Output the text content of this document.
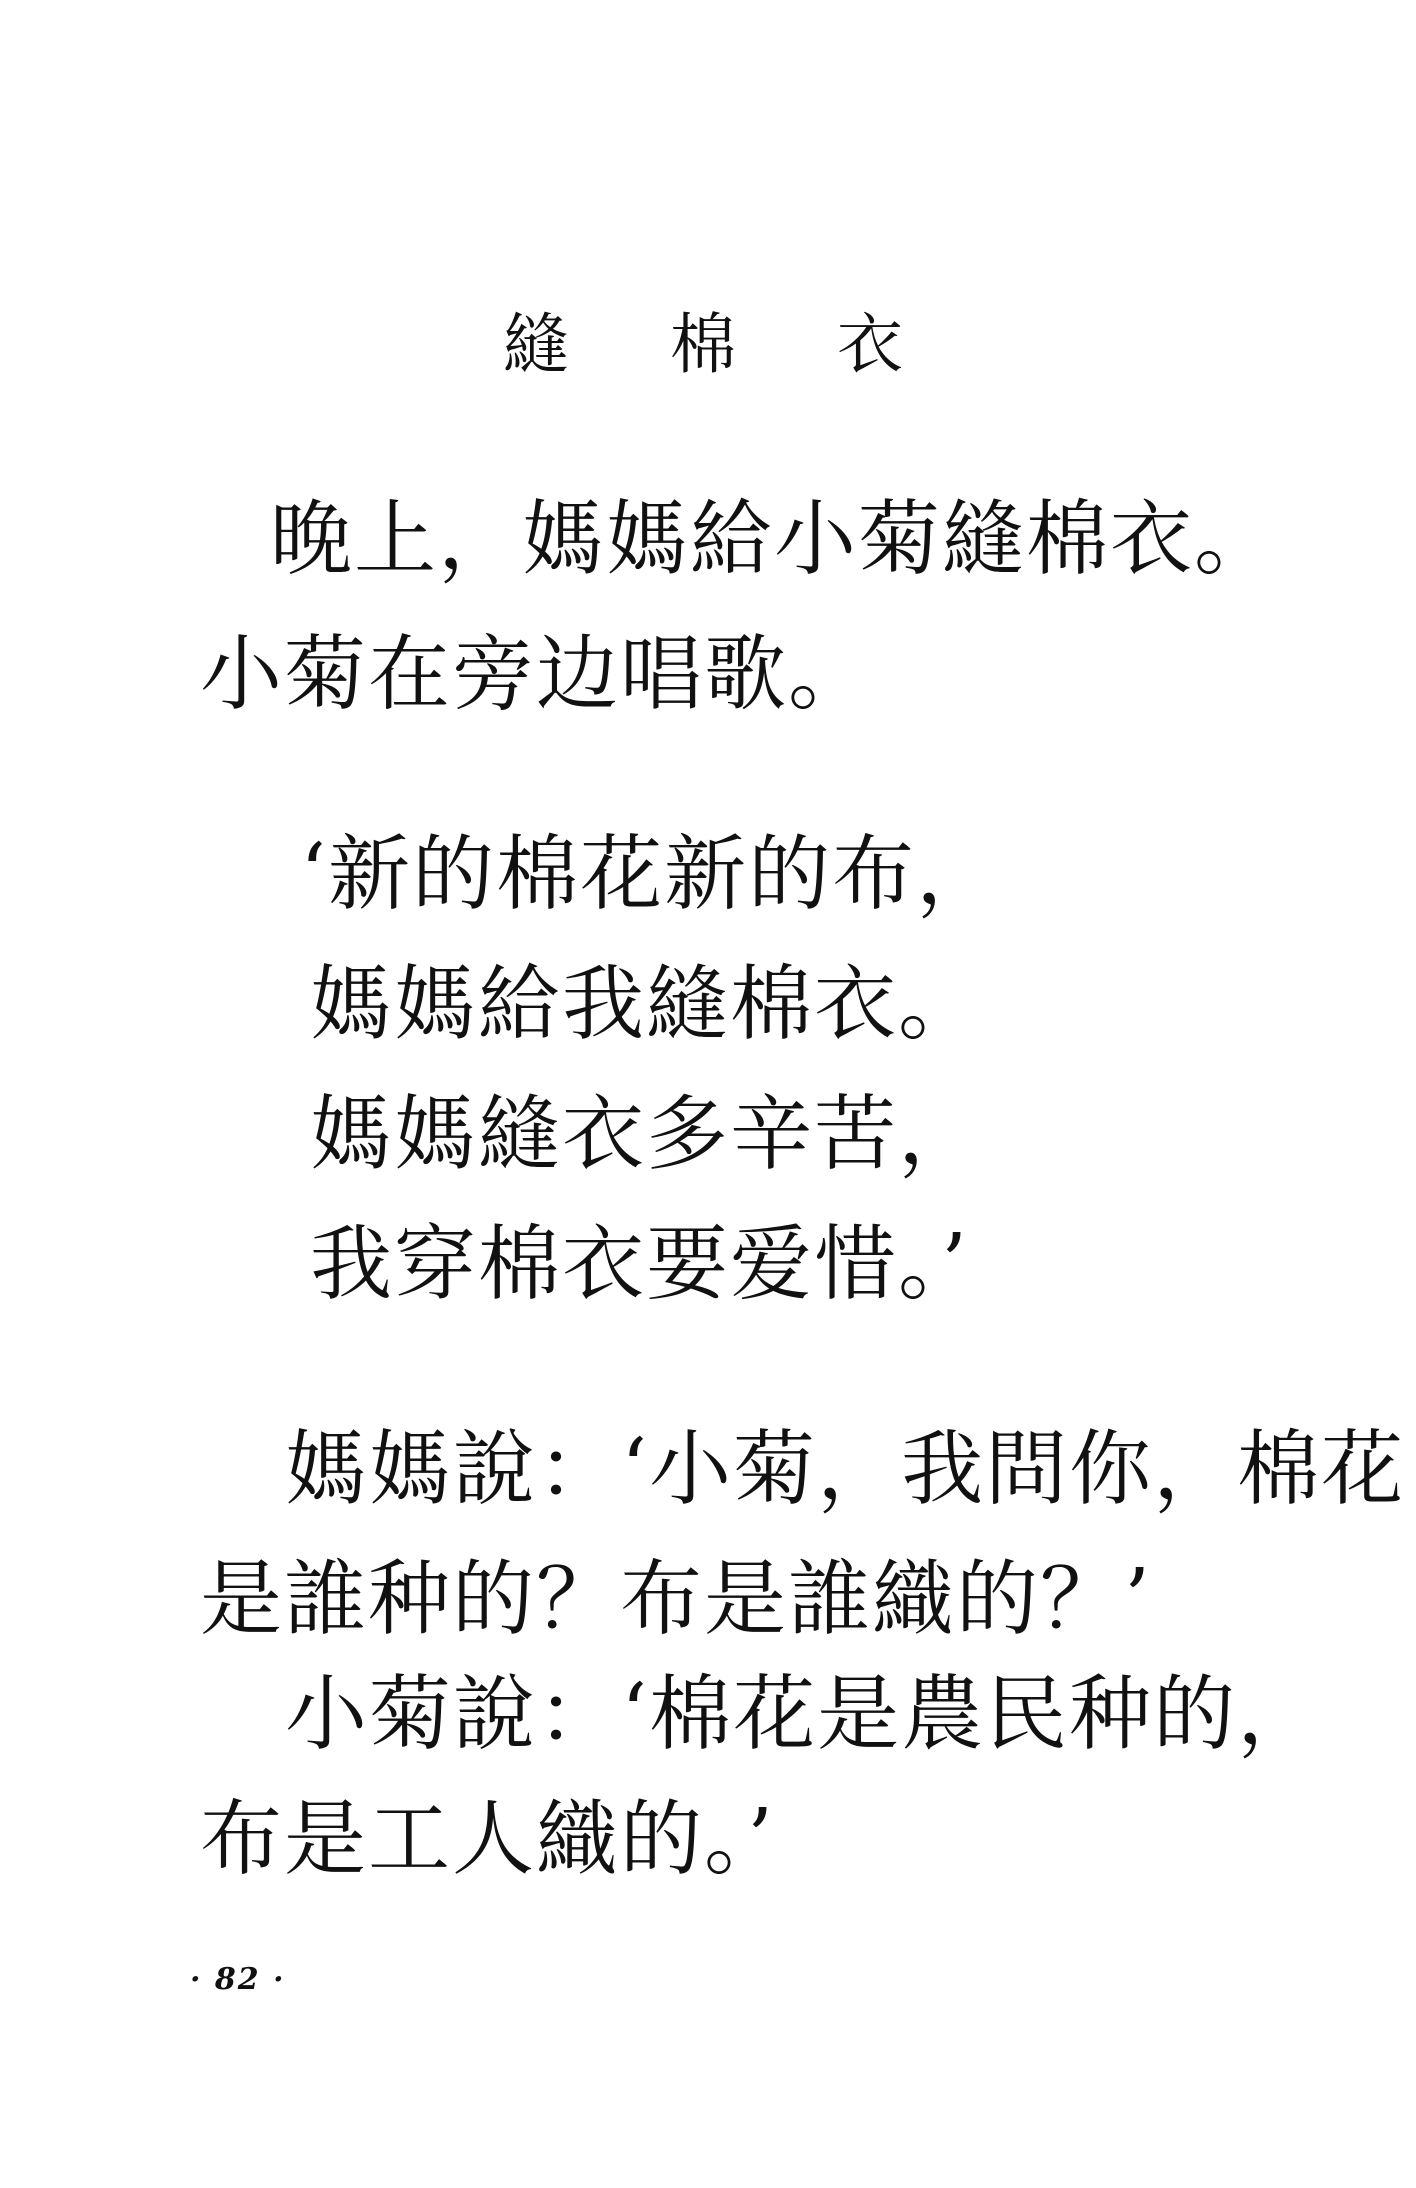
縫 棉 衣
晚上，媽媽給小菊縫棉衣。
小菊在旁边唱歌。
‘新的棉花新的布，
媽媽給我縫棉衣。
媽媽縫衣多辛苦，
我穿棉衣要爱惜。’
媽媽說：‘小菊，我問你，棉花
是誰种的？布是誰織的？’
小菊說：‘棉花是農民种的，
布是工人織的。’
· 82 ·
